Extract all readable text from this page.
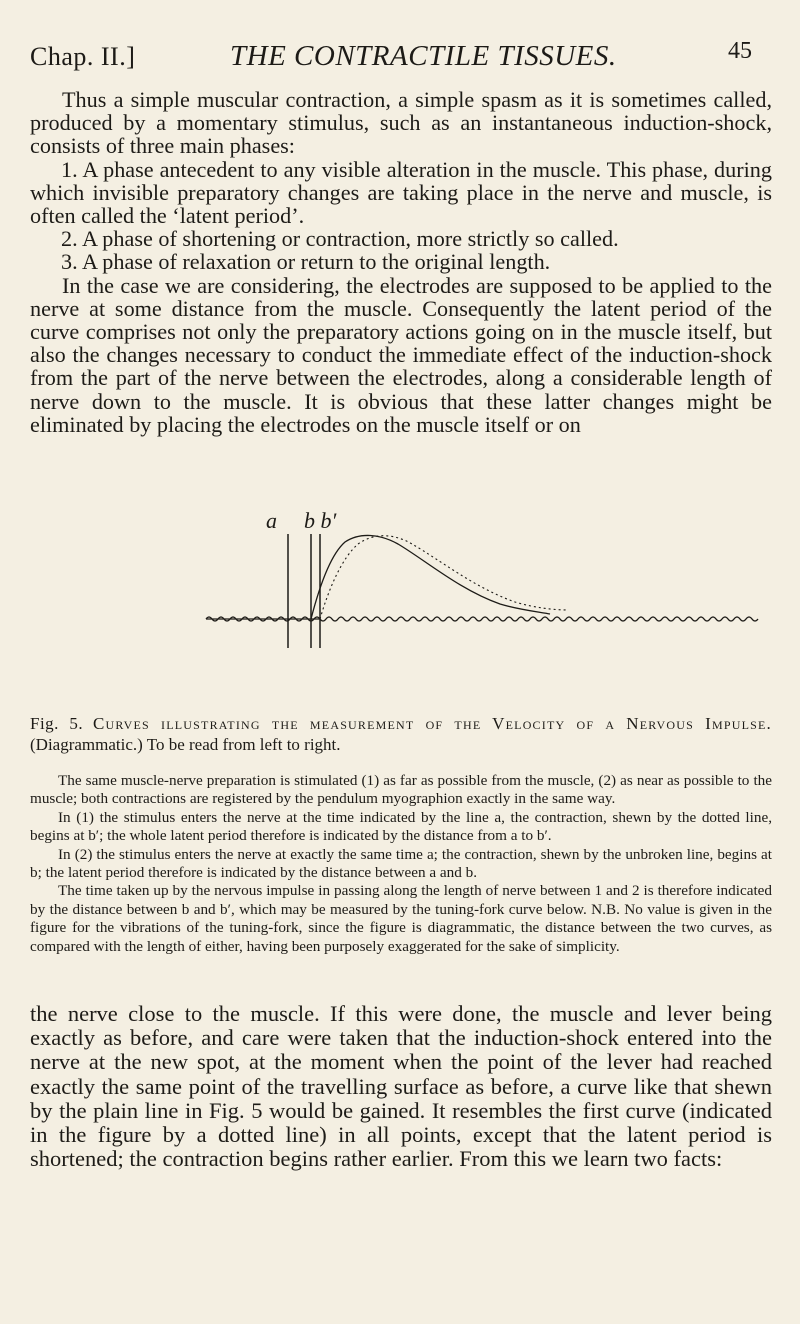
Chap. II.]	THE CONTRACTILE TISSUES.	45

Thus a simple muscular contraction, a simple spasm as it is sometimes called, produced by a momentary stimulus, such as an instantaneous induction-shock, consists of three main phases:

1. A phase antecedent to any visible alteration in the muscle. This phase, during which invisible preparatory changes are taking place in the nerve and muscle, is often called the ‘latent period’.

2. A phase of shortening or contraction, more strictly so called.

3. A phase of relaxation or return to the original length.

In the case we are considering, the electrodes are supposed to be applied to the nerve at some distance from the muscle. Consequently the latent period of the curve comprises not only the preparatory actions going on in the muscle itself, but also the changes necessary to conduct the immediate effect of the induction-shock from the part of the nerve between the electrodes, along a considerable length of nerve down to the muscle. It is obvious that these latter changes might be eliminated by placing the electrodes on the muscle itself or on

a b b′

Fig. 5. Curves illustrating the measurement of the Velocity of a Nervous Impulse. (Diagrammatic.) To be read from left to right.

The same muscle-nerve preparation is stimulated (1) as far as possible from the muscle, (2) as near as possible to the muscle; both contractions are registered by the pendulum myographion exactly in the same way.

In (1) the stimulus enters the nerve at the time indicated by the line a, the contraction, shewn by the dotted line, begins at b′; the whole latent period therefore is indicated by the distance from a to b′.

In (2) the stimulus enters the nerve at exactly the same time a; the contraction, shewn by the unbroken line, begins at b; the latent period therefore is indicated by the distance between a and b.

The time taken up by the nervous impulse in passing along the length of nerve between 1 and 2 is therefore indicated by the distance between b and b′, which may be measured by the tuning-fork curve below. N.B. No value is given in the figure for the vibrations of the tuning-fork, since the figure is diagrammatic, the distance between the two curves, as compared with the length of either, having been purposely exaggerated for the sake of simplicity.

the nerve close to the muscle. If this were done, the muscle and lever being exactly as before, and care were taken that the induction-shock entered into the nerve at the new spot, at the moment when the point of the lever had reached exactly the same point of the travelling surface as before, a curve like that shewn by the plain line in Fig. 5 would be gained. It resembles the first curve (indicated in the figure by a dotted line) in all points, except that the latent period is shortened; the contraction begins rather earlier. From this we learn two facts:
